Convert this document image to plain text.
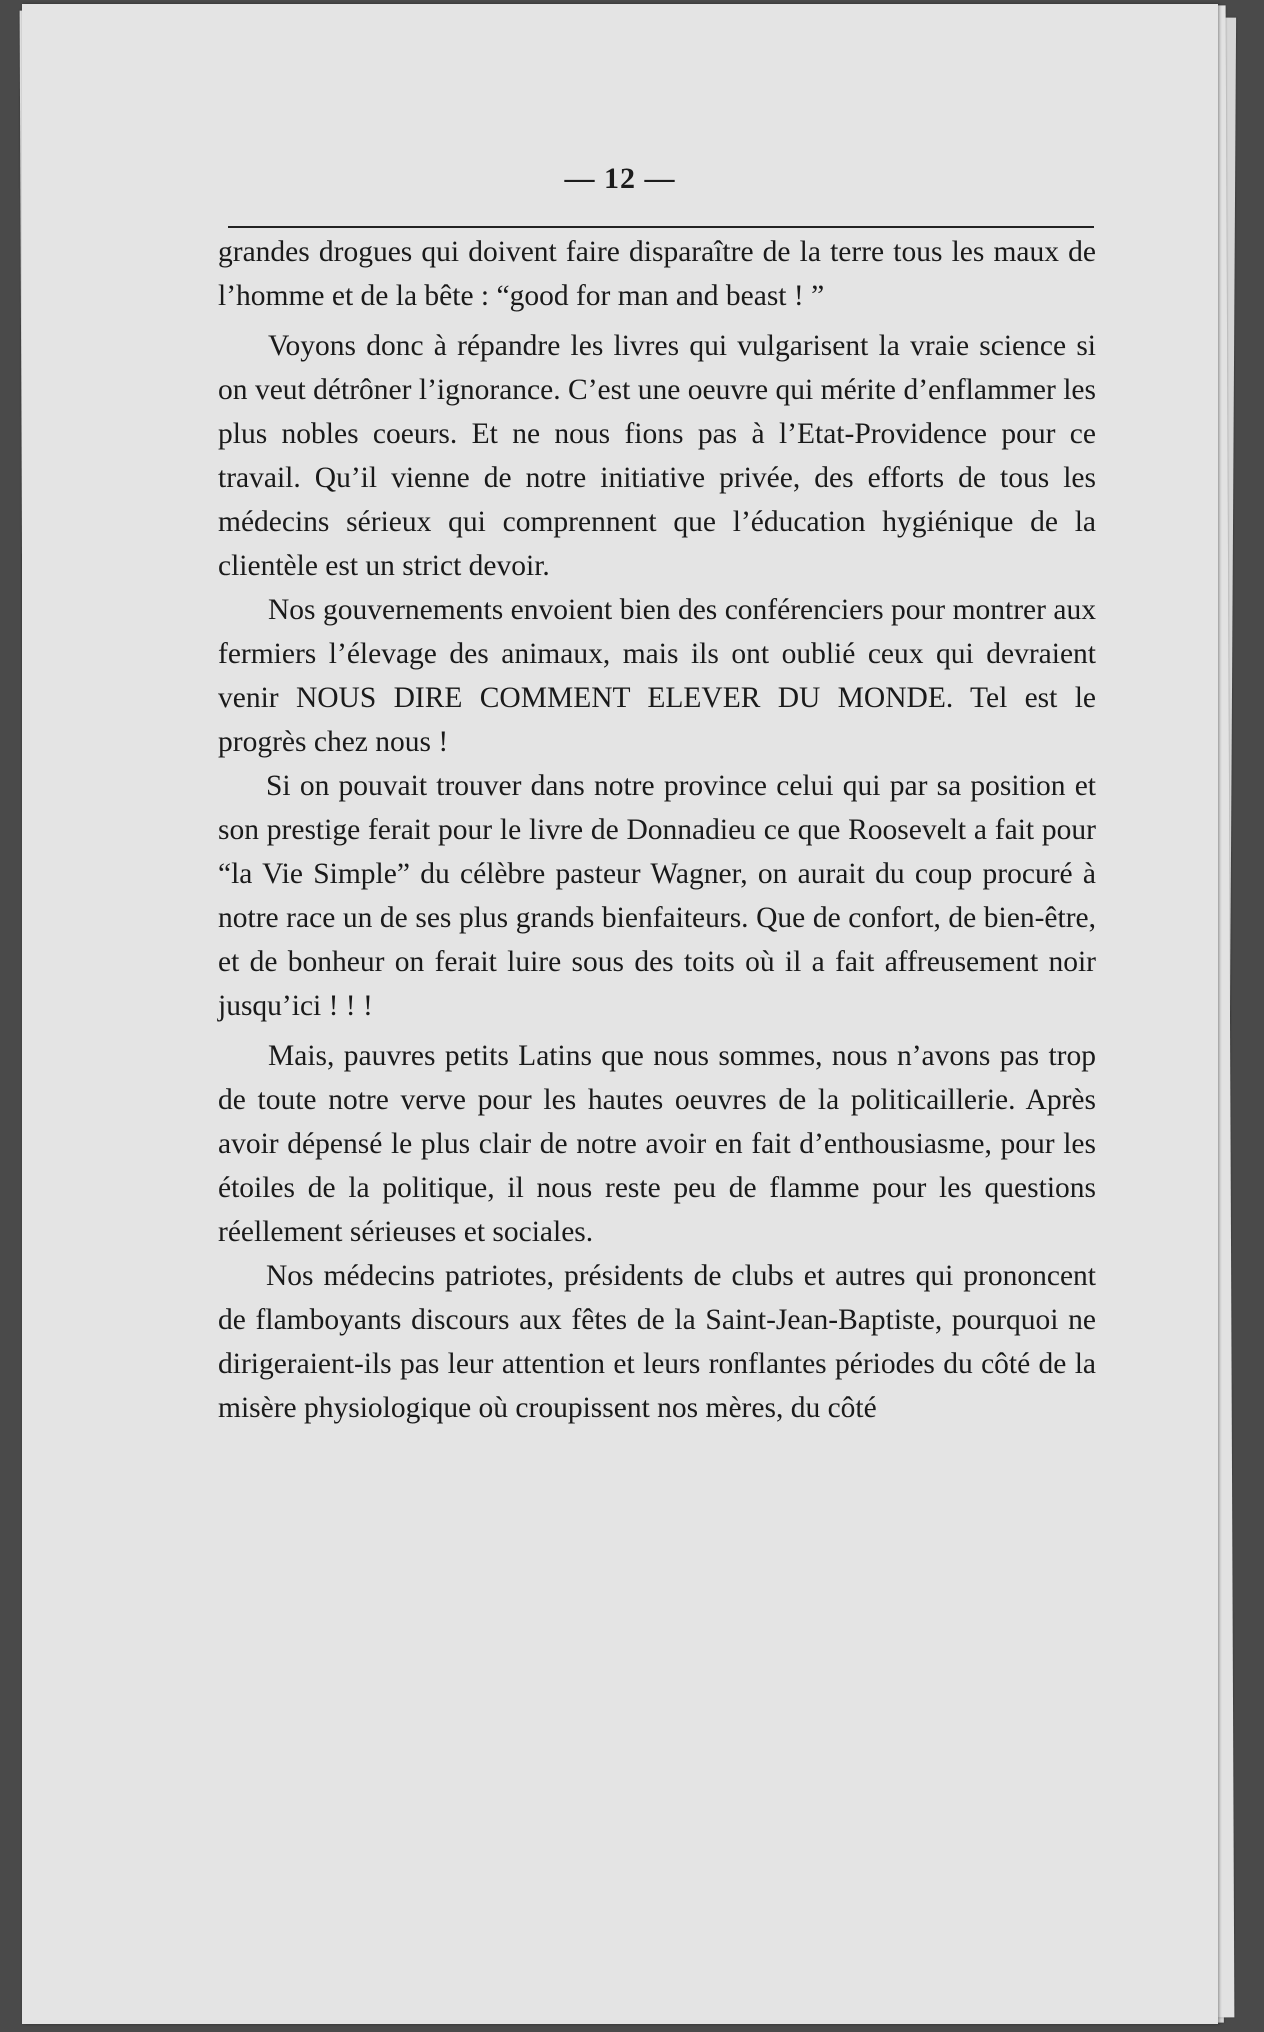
— 12 —

grandes drogues qui doivent faire disparaître de la terre tous les maux de l’homme et de la bête : “good for man and beast ! ”

Voyons donc à répandre les livres qui vulgarisent la vraie science si on veut détrôner l’ignorance. C’est une oeuvre qui mérite d’enflammer les plus nobles coeurs. Et ne nous fions pas à l’Etat-Providence pour ce travail. Qu’il vienne de notre initiative privée, des efforts de tous les médecins sérieux qui comprennent que l’éducation hygiénique de la clientèle est un strict devoir.

Nos gouvernements envoient bien des conférenciers pour montrer aux fermiers l’élevage des animaux, mais ils ont oublié ceux qui devraient venir NOUS DIRE COMMENT ELEVER DU MONDE. Tel est le progrès chez nous !

Si on pouvait trouver dans notre province celui qui par sa position et son prestige ferait pour le livre de Donnadieu ce que Roosevelt a fait pour “la Vie Simple” du célèbre pasteur Wagner, on aurait du coup procuré à notre race un de ses plus grands bienfaiteurs. Que de confort, de bien-être, et de bonheur on ferait luire sous des toits où il a fait affreusement noir jusqu’ici ! ! !

Mais, pauvres petits Latins que nous sommes, nous n’avons pas trop de toute notre verve pour les hautes oeuvres de la politicaillerie. Après avoir dépensé le plus clair de notre avoir en fait d’enthousiasme, pour les étoiles de la politique, il nous reste peu de flamme pour les questions réellement sérieuses et sociales.

Nos médecins patriotes, présidents de clubs et autres qui prononcent de flamboyants discours aux fêtes de la Saint-Jean-Baptiste, pourquoi ne dirigeraient-ils pas leur attention et leurs ronflantes périodes du côté de la misère physiologique où croupissent nos mères, du côté
